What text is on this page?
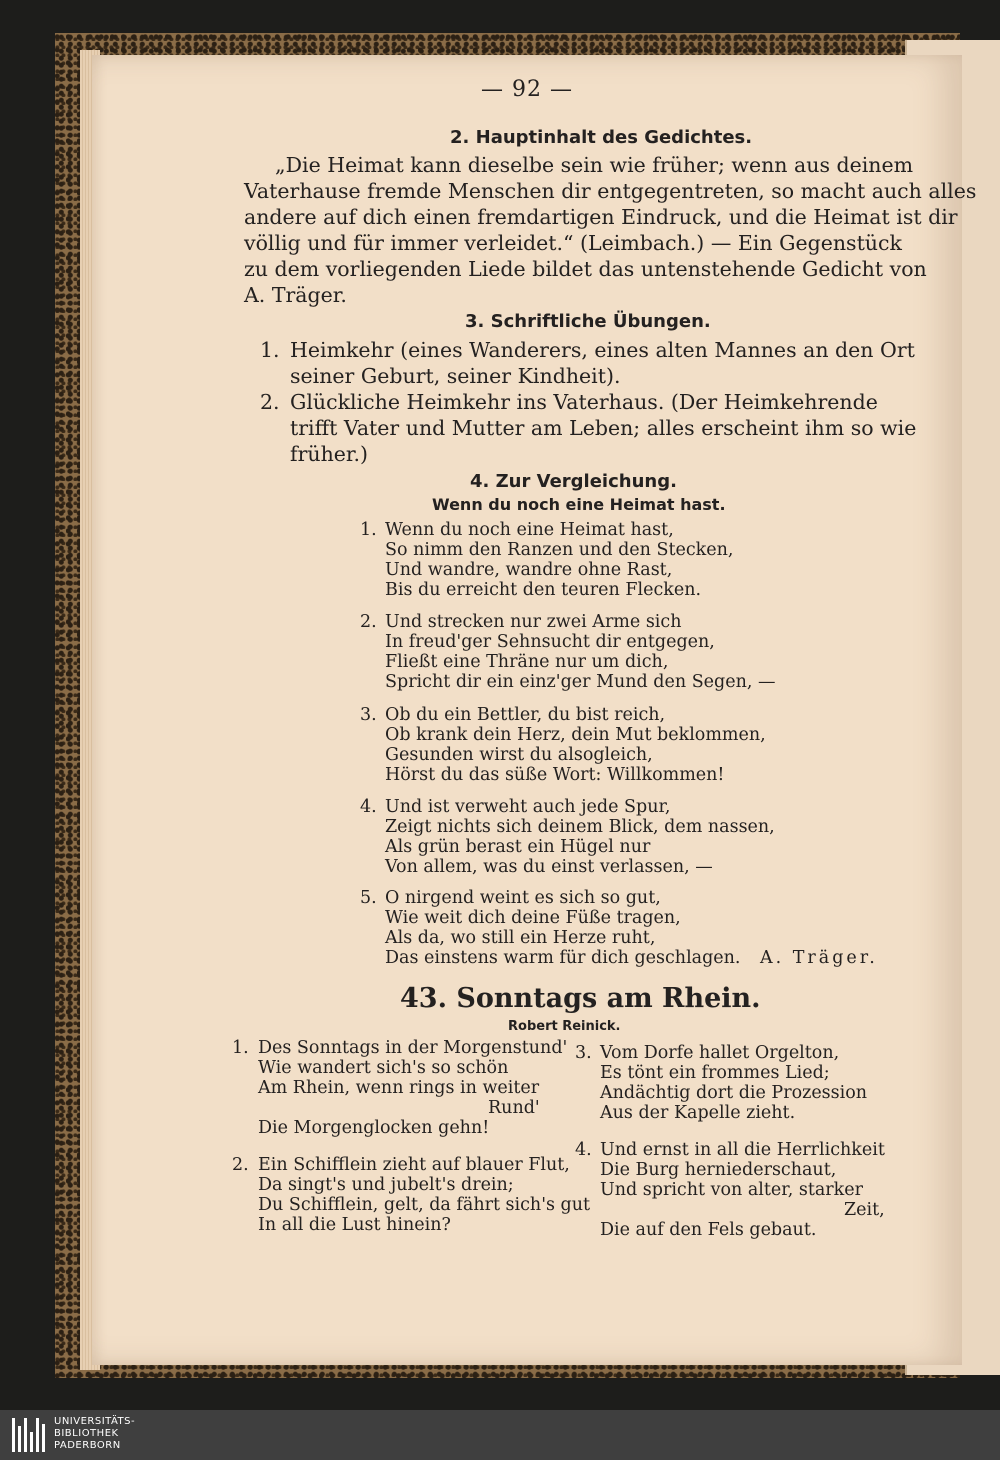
— 92 —
2. Hauptinhalt des Gedichtes.
„Die Heimat kann dieselbe sein wie früher; wenn aus deinem
Vaterhause fremde Menschen dir entgegentreten, so macht auch alles
andere auf dich einen fremdartigen Eindruck, und die Heimat ist dir
völlig und für immer verleidet.“ (Leimbach.) — Ein Gegenstück
zu dem vorliegenden Liede bildet das untenstehende Gedicht von
A. Träger.
3. Schriftliche Übungen.
1. Heimkehr (eines Wanderers, eines alten Mannes an den Ort
seiner Geburt, seiner Kindheit).
2. Glückliche Heimkehr ins Vaterhaus. (Der Heimkehrende
trifft Vater und Mutter am Leben; alles erscheint ihm so wie
früher.)
4. Zur Vergleichung.
Wenn du noch eine Heimat hast.
1. Wenn du noch eine Heimat hast,
So nimm den Ranzen und den Stecken,
Und wandre, wandre ohne Rast,
Bis du erreicht den teuren Flecken.
2. Und strecken nur zwei Arme sich
In freud'ger Sehnsucht dir entgegen,
Fließt eine Thräne nur um dich,
Spricht dir ein einz'ger Mund den Segen, —
3. Ob du ein Bettler, du bist reich,
Ob krank dein Herz, dein Mut beklommen,
Gesunden wirst du alsogleich,
Hörst du das süße Wort: Willkommen!
4. Und ist verweht auch jede Spur,
Zeigt nichts sich deinem Blick, dem nassen,
Als grün berast ein Hügel nur
Von allem, was du einst verlassen, —
5. O nirgend weint es sich so gut,
Wie weit dich deine Füße tragen,
Als da, wo still ein Herze ruht,
Das einstens warm für dich geschlagen. A. Träger.
43. Sonntags am Rhein.
Robert Reinick.
1. Des Sonntags in der Morgenstund'
Wie wandert sich's so schön
Am Rhein, wenn rings in weiter
Rund'
Die Morgenglocken gehn!
2. Ein Schifflein zieht auf blauer Flut,
Da singt's und jubelt's drein;
Du Schifflein, gelt, da fährt sich's gut
In all die Lust hinein?
3. Vom Dorfe hallet Orgelton,
Es tönt ein frommes Lied;
Andächtig dort die Prozession
Aus der Kapelle zieht.
4. Und ernst in all die Herrlichkeit
Die Burg herniederschaut,
Und spricht von alter, starker
Zeit,
Die auf den Fels gebaut.
UNIVERSITÄTS-
BIBLIOTHEK
PADERBORN
